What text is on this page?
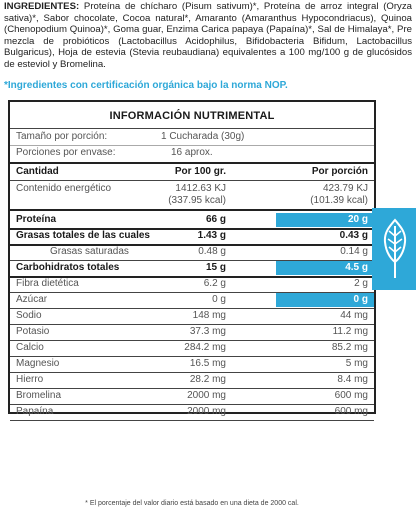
INGREDIENTES: Proteína de chícharo (Pisum sativum)*, Proteína de arroz integral (Oryza sativa)*, Sabor chocolate, Cocoa natural*, Amaranto (Amaranthus Hypocondriacus), Quinoa (Chenopodium Quinoa)*, Goma guar, Enzima Carica papaya (Papaína)*, Sal de Himalaya*, Pre mezcla de probióticos (Lactobacillus Acidophilus, Bifidobacteria Bifidum, Lactobacillus Bulgaricus), Hoja de estevia (Stevia reubaudiana) equivalentes a 100 mg/100 g de glucósidos de esteviol y Bromelina.
*Ingredientes con certificación orgánica bajo la norma NOP.
INFORMACIÓN NUTRIMENTAL
Tamaño por porción:	1 Cucharada (30g)
Porciones por envase:	16 aprox.
Cantidad	Por 100 gr.	Por porción
Contenido energético	1412.63 KJ	423.79 KJ
(337.95 kcal)	(101.39 kcal)
Proteína	66 g	20 g
Grasas totales de las cuales	1.43 g	0.43 g
Grasas saturadas	0.48 g	0.14 g
Carbohidratos totales	15 g	4.5 g
Fibra dietética	6.2 g	2 g
Azúcar	0 g	0 g
Sodio	148 mg	44 mg
Potasio	37.3 mg	11.2 mg
Calcio	284.2 mg	85.2 mg
Magnesio	16.5 mg	5 mg
Hierro	28.2 mg	8.4 mg
Bromelina	2000 mg	600 mg
Papaína	2000 mg	600 mg
* El porcentaje del valor diario está basado en una dieta de 2000 cal.
